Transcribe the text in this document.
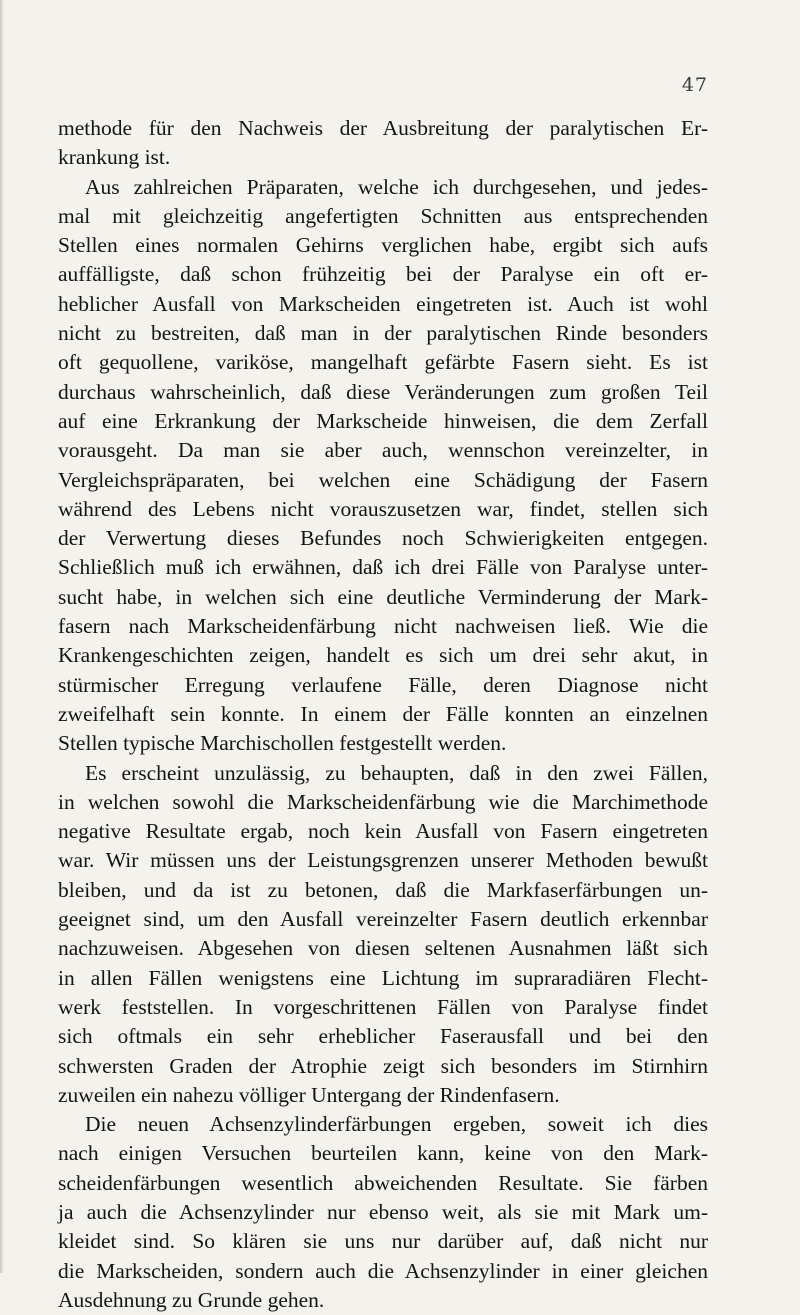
47
methode für den Nachweis der Ausbreitung der paralytischen Er-
krankung ist.
Aus zahlreichen Präparaten, welche ich durchgesehen, und jedes-
mal mit gleichzeitig angefertigten Schnitten aus entsprechenden
Stellen eines normalen Gehirns verglichen habe, ergibt sich aufs
auffälligste, daß schon frühzeitig bei der Paralyse ein oft er-
heblicher Ausfall von Markscheiden eingetreten ist. Auch ist wohl
nicht zu bestreiten, daß man in der paralytischen Rinde besonders
oft gequollene, variköse, mangelhaft gefärbte Fasern sieht. Es ist
durchaus wahrscheinlich, daß diese Veränderungen zum großen Teil
auf eine Erkrankung der Markscheide hinweisen, die dem Zerfall
vorausgeht. Da man sie aber auch, wennschon vereinzelter, in
Vergleichspräparaten, bei welchen eine Schädigung der Fasern
während des Lebens nicht vorauszusetzen war, findet, stellen sich
der Verwertung dieses Befundes noch Schwierigkeiten entgegen.
Schließlich muß ich erwähnen, daß ich drei Fälle von Paralyse unter-
sucht habe, in welchen sich eine deutliche Verminderung der Mark-
fasern nach Markscheidenfärbung nicht nachweisen ließ. Wie die
Krankengeschichten zeigen, handelt es sich um drei sehr akut, in
stürmischer Erregung verlaufene Fälle, deren Diagnose nicht
zweifelhaft sein konnte. In einem der Fälle konnten an einzelnen
Stellen typische Marchischollen festgestellt werden.
Es erscheint unzulässig, zu behaupten, daß in den zwei Fällen,
in welchen sowohl die Markscheidenfärbung wie die Marchimethode
negative Resultate ergab, noch kein Ausfall von Fasern eingetreten
war. Wir müssen uns der Leistungsgrenzen unserer Methoden bewußt
bleiben, und da ist zu betonen, daß die Markfaserfärbungen un-
geeignet sind, um den Ausfall vereinzelter Fasern deutlich erkennbar
nachzuweisen. Abgesehen von diesen seltenen Ausnahmen läßt sich
in allen Fällen wenigstens eine Lichtung im supraradiären Flecht-
werk feststellen. In vorgeschrittenen Fällen von Paralyse findet
sich oftmals ein sehr erheblicher Faserausfall und bei den
schwersten Graden der Atrophie zeigt sich besonders im Stirnhirn
zuweilen ein nahezu völliger Untergang der Rindenfasern.
Die neuen Achsenzylinderfärbungen ergeben, soweit ich dies
nach einigen Versuchen beurteilen kann, keine von den Mark-
scheidenfärbungen wesentlich abweichenden Resultate. Sie färben
ja auch die Achsenzylinder nur ebenso weit, als sie mit Mark um-
kleidet sind. So klären sie uns nur darüber auf, daß nicht nur
die Markscheiden, sondern auch die Achsenzylinder in einer gleichen
Ausdehnung zu Grunde gehen.
